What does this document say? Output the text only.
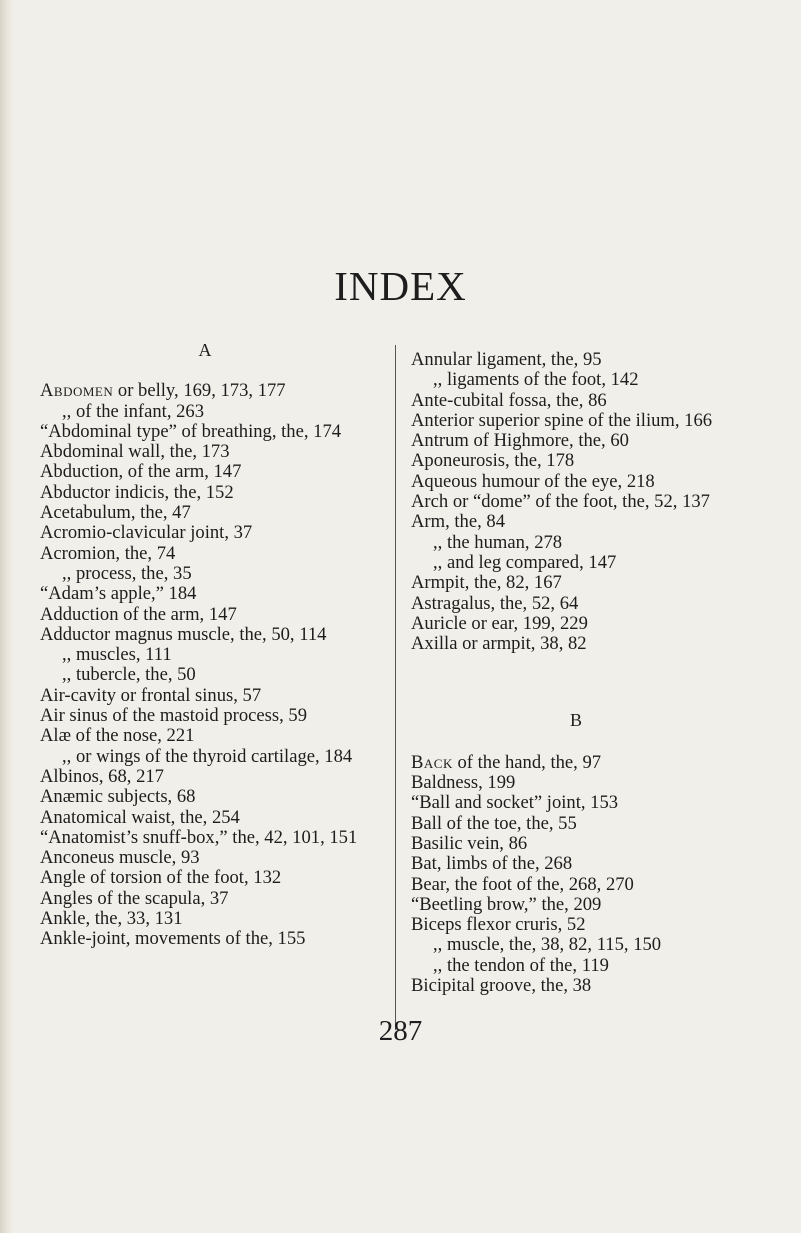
INDEX
A

Abdomen or belly, 169, 173, 177

,, of the infant, 263

“Abdominal type” of breathing, the, 174

Abdominal wall, the, 173

Abduction, of the arm, 147

Abductor indicis, the, 152

Acetabulum, the, 47

Acromio-clavicular joint, 37

Acromion, the, 74

,, process, the, 35

“Adam’s apple,” 184

Adduction of the arm, 147

Adductor magnus muscle, the, 50, 114

,, muscles, 111

,, tubercle, the, 50

Air-cavity or frontal sinus, 57

Air sinus of the mastoid process, 59

Alæ of the nose, 221

,, or wings of the thyroid cartilage, 184

Albinos, 68, 217

Anæmic subjects, 68

Anatomical waist, the, 254

“Anatomist’s snuff-box,” the, 42, 101, 151

Anconeus muscle, 93

Angle of torsion of the foot, 132

Angles of the scapula, 37

Ankle, the, 33, 131

Ankle-joint, movements of the, 155

Annular ligament, the, 95

,, ligaments of the foot, 142

Ante-cubital fossa, the, 86

Anterior superior spine of the ilium, 166

Antrum of Highmore, the, 60

Aponeurosis, the, 178

Aqueous humour of the eye, 218

Arch or “dome” of the foot, the, 52, 137

Arm, the, 84

,, the human, 278

,, and leg compared, 147

Armpit, the, 82, 167

Astragalus, the, 52, 64

Auricle or ear, 199, 229

Axilla or armpit, 38, 82

B

Back of the hand, the, 97

Baldness, 199

“Ball and socket” joint, 153

Ball of the toe, the, 55

Basilic vein, 86

Bat, limbs of the, 268

Bear, the foot of the, 268, 270

“Beetling brow,” the, 209

Biceps flexor cruris, 52

,, muscle, the, 38, 82, 115, 150

,, the tendon of the, 119

Bicipital groove, the, 38

287
